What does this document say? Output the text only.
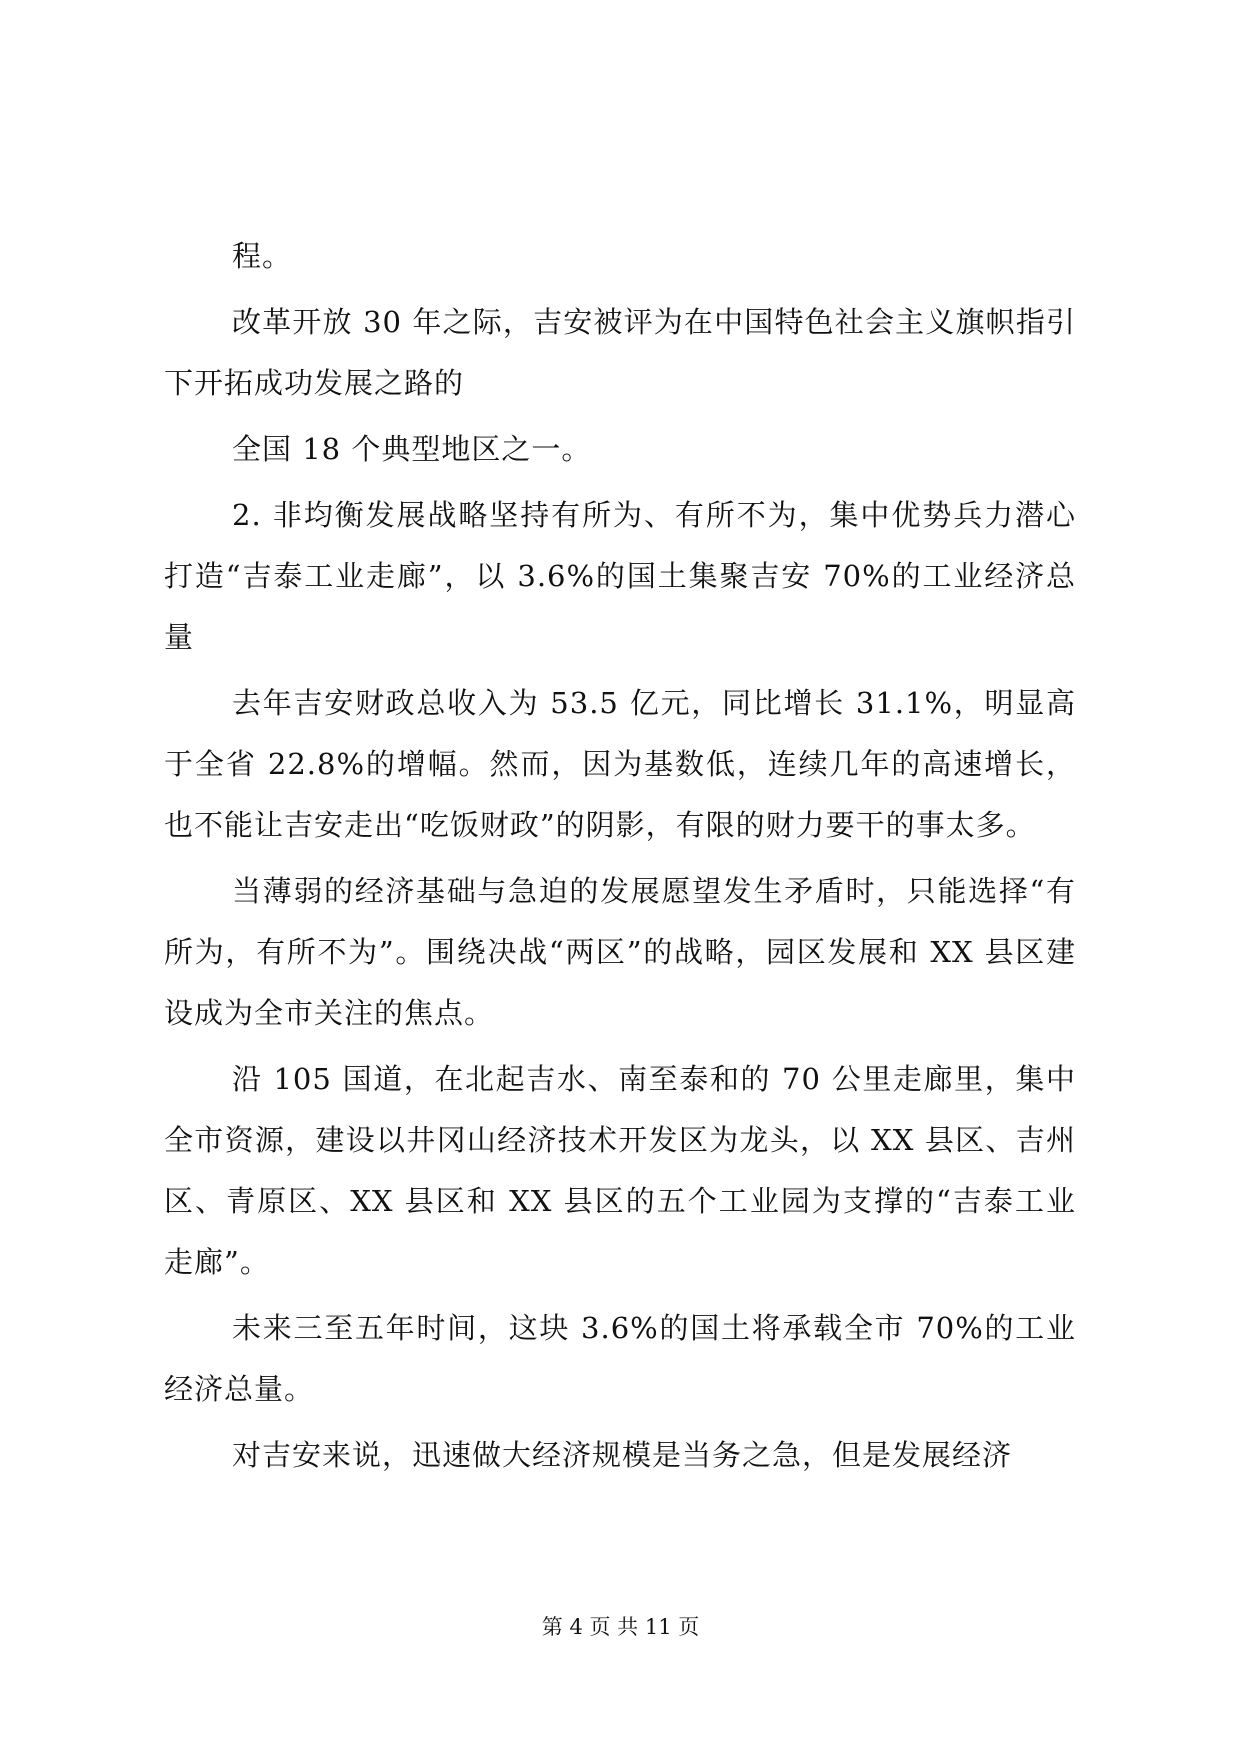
程。

改革开放 30 年之际，吉安被评为在中国特色社会主义旗帜指引下开拓成功发展之路的

全国 18 个典型地区之一。

2. 非均衡发展战略坚持有所为、有所不为，集中优势兵力潜心打造“吉泰工业走廊”，以 3.6%的国土集聚吉安 70%的工业经济总量

去年吉安财政总收入为 53.5 亿元，同比增长 31.1%，明显高于全省 22.8%的增幅。然而，因为基数低，连续几年的高速增长，也不能让吉安走出“吃饭财政”的阴影，有限的财力要干的事太多。

当薄弱的经济基础与急迫的发展愿望发生矛盾时，只能选择“有所为，有所不为”。围绕决战“两区”的战略，园区发展和 XX 县区建设成为全市关注的焦点。

沿 105 国道，在北起吉水、南至泰和的 70 公里走廊里，集中全市资源，建设以井冈山经济技术开发区为龙头，以 XX 县区、吉州区、青原区、XX 县区和 XX 县区的五个工业园为支撑的“吉泰工业走廊”。

未来三至五年时间，这块 3.6%的国土将承载全市 70%的工业经济总量。

对吉安来说，迅速做大经济规模是当务之急，但是发展经济

第 4 页 共 11 页
